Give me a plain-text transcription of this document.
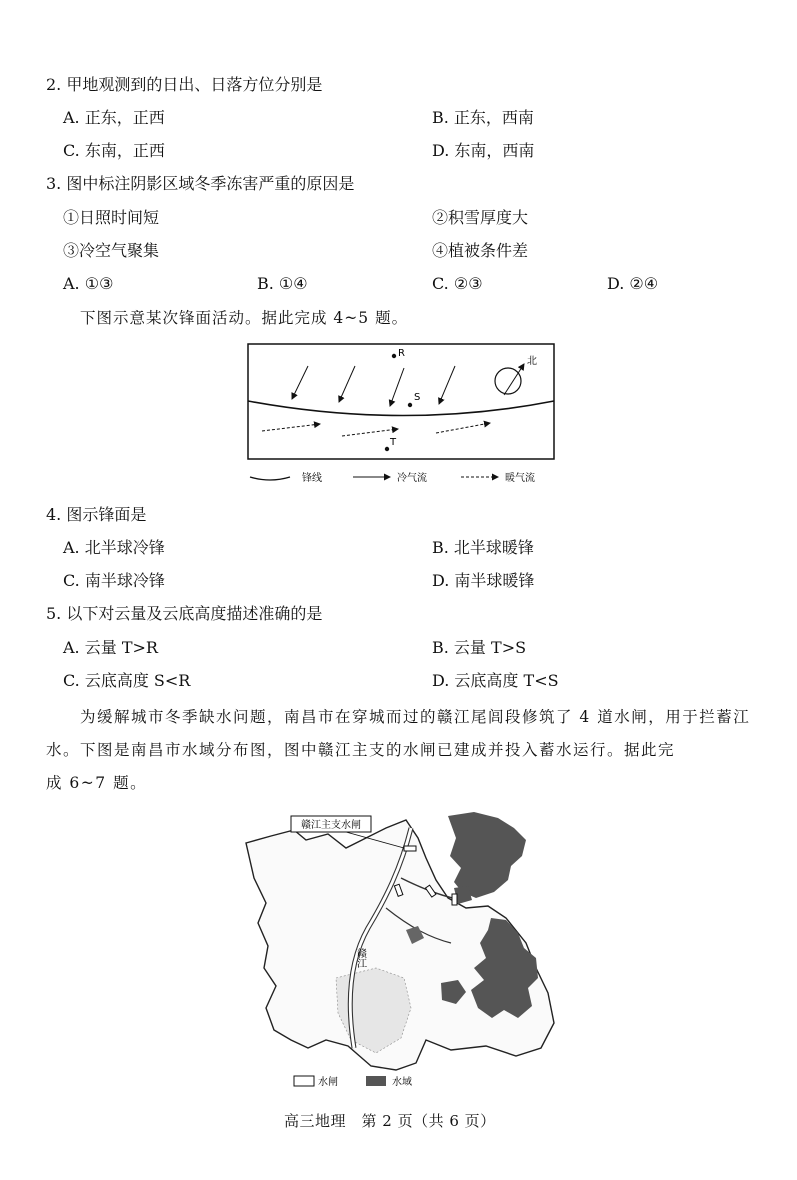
2. 甲地观测到的日出、日落方位分别是
A. 正东，正西	B. 正东，西南
C. 东南，正西	D. 东南，西南
3. 图中标注阴影区域冬季冻害严重的原因是
①日照时间短	②积雪厚度大
③冷空气聚集	④植被条件差
A. ①③	B. ①④	C. ②③	D. ②④
下图示意某次锋面活动。据此完成 4~5 题。
R
S
T
北
锋线	冷气流	暖气流
4. 图示锋面是
A. 北半球冷锋	B. 北半球暖锋
C. 南半球冷锋	D. 南半球暖锋
5. 以下对云量及云底高度描述准确的是
A. 云量 T>R	B. 云量 T>S
C. 云底高度 S<R	D. 云底高度 T<S
为缓解城市冬季缺水问题，南昌市在穿城而过的赣江尾闾段修筑了 4 道水闸，用于拦蓄江
水。下图是南昌市水域分布图，图中赣江主支的水闸已建成并投入蓄水运行。据此完
成 6~7 题。
赣江主支水闸
赣江
水闸	水域
高三地理　第 2 页（共 6 页）
